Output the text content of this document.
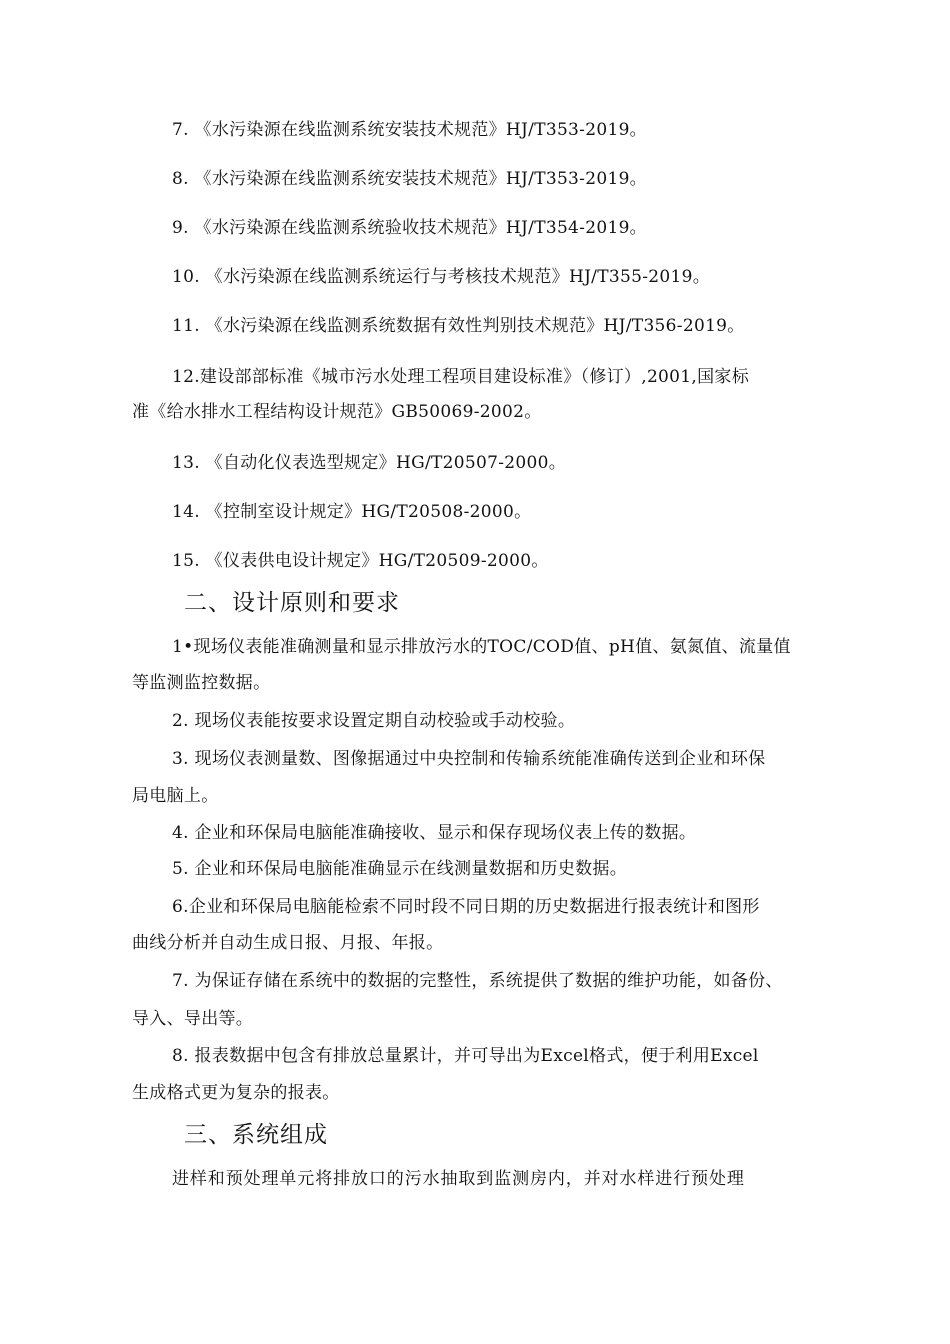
7. 《水污染源在线监测系统安装技术规范》HJ/T353-2019。
8. 《水污染源在线监测系统安装技术规范》HJ/T353-2019。
9. 《水污染源在线监测系统验收技术规范》HJ/T354-2019。
10. 《水污染源在线监测系统运行与考核技术规范》HJ/T355-2019。
11. 《水污染源在线监测系统数据有效性判别技术规范》HJ/T356-2019。
12.建设部部标准《城市污水处理工程项目建设标准》（修订）,2001,国家标
准《给水排水工程结构设计规范》GB50069-2002。
13. 《自动化仪表选型规定》HG/T20507-2000。
14. 《控制室设计规定》HG/T20508-2000。
15. 《仪表供电设计规定》HG/T20509-2000。
二、设计原则和要求
1•现场仪表能准确测量和显示排放污水的TOC/COD值、pH值、氨氮值、流量值
等监测监控数据。
2. 现场仪表能按要求设置定期自动校验或手动校验。
3. 现场仪表测量数、图像据通过中央控制和传输系统能准确传送到企业和环保
局电脑上。
4. 企业和环保局电脑能准确接收、显示和保存现场仪表上传的数据。
5. 企业和环保局电脑能准确显示在线测量数据和历史数据。
6.企业和环保局电脑能检索不同时段不同日期的历史数据进行报表统计和图形
曲线分析并自动生成日报、月报、年报。
7. 为保证存储在系统中的数据的完整性，系统提供了数据的维护功能，如备份、
导入、导出等。
8. 报表数据中包含有排放总量累计，并可导出为Excel格式，便于利用Excel
生成格式更为复杂的报表。
三、系统组成
进样和预处理单元将排放口的污水抽取到监测房内，并对水样进行预处理
